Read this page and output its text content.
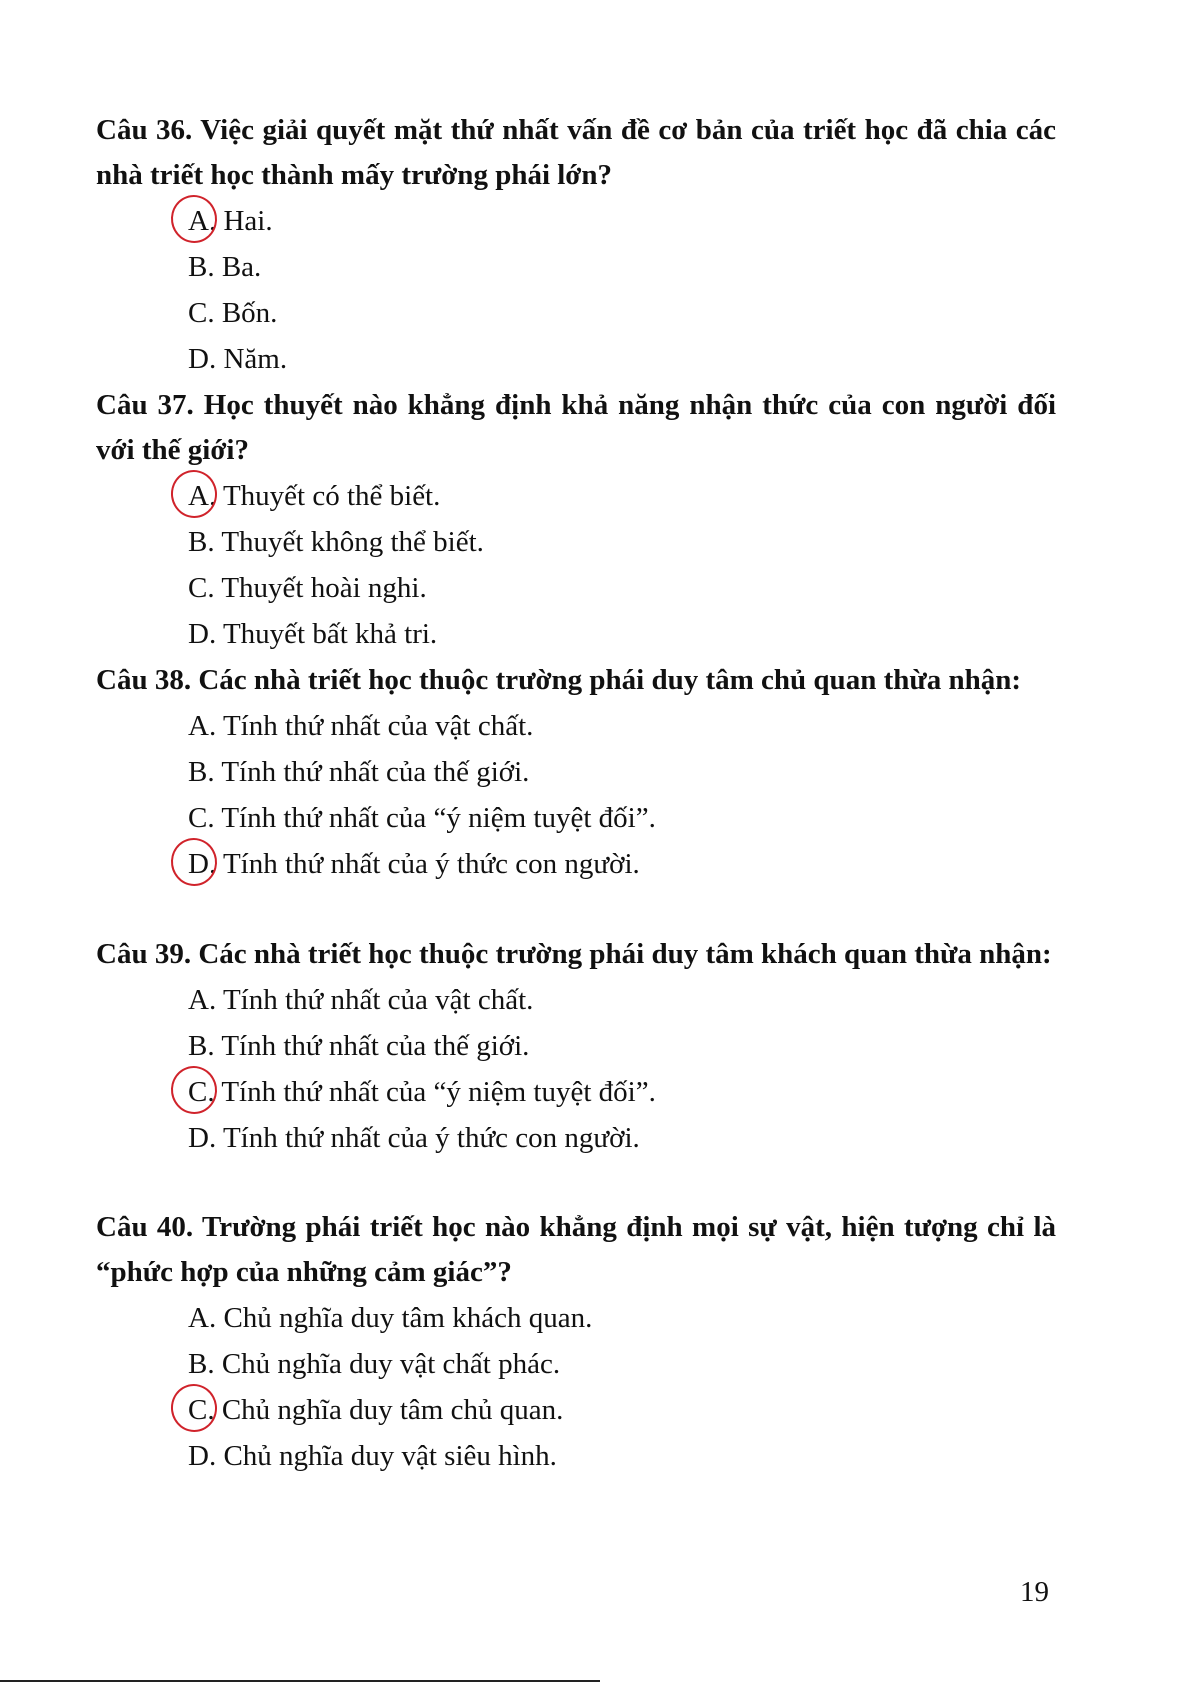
Câu 36. Việc giải quyết mặt thứ nhất vấn đề cơ bản của triết học đã chia các nhà triết học thành mấy trường phái lớn?

A. Hai.
B. Ba.
C. Bốn.
D. Năm.

Câu 37. Học thuyết nào khẳng định khả năng nhận thức của con người đối với thế giới?

A. Thuyết có thể biết.
B. Thuyết không thể biết.
C. Thuyết hoài nghi.
D. Thuyết bất khả tri.

Câu 38. Các nhà triết học thuộc trường phái duy tâm chủ quan thừa nhận:

A. Tính thứ nhất của vật chất.
B. Tính thứ nhất của thế giới.
C. Tính thứ nhất của “ý niệm tuyệt đối”.
D. Tính thứ nhất của ý thức con người.

Câu 39. Các nhà triết học thuộc trường phái duy tâm khách quan thừa nhận:

A. Tính thứ nhất của vật chất.
B. Tính thứ nhất của thế giới.
C. Tính thứ nhất của “ý niệm tuyệt đối”.
D. Tính thứ nhất của ý thức con người.

Câu 40. Trường phái triết học nào khẳng định mọi sự vật, hiện tượng chỉ là “phức hợp của những cảm giác”?

A. Chủ nghĩa duy tâm khách quan.
B. Chủ nghĩa duy vật chất phác.
C. Chủ nghĩa duy tâm chủ quan.
D. Chủ nghĩa duy vật siêu hình.
19
